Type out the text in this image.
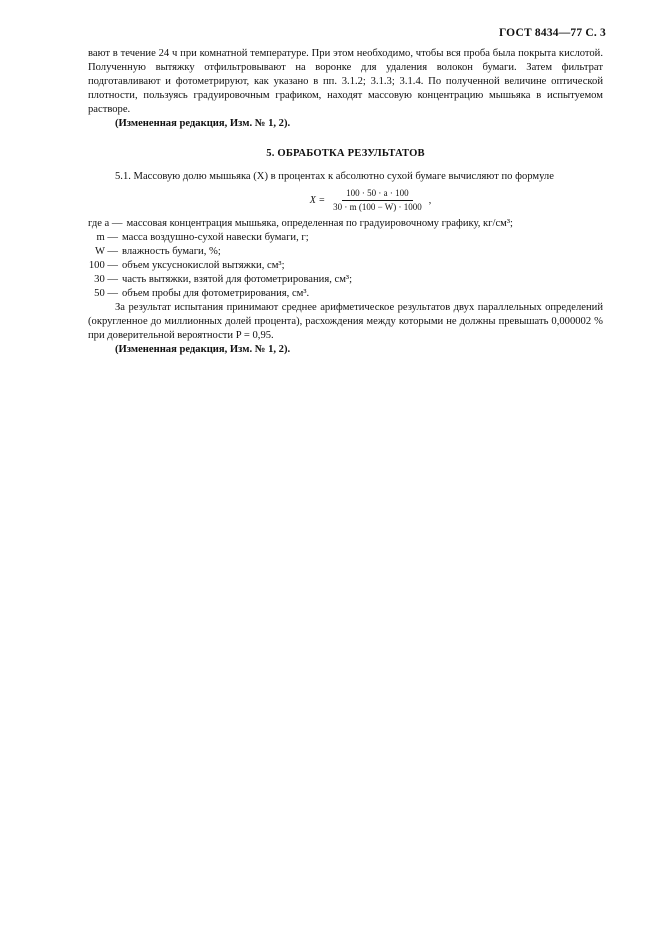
ГОСТ 8434—77 С. 3

вают в течение 24 ч при комнатной температуре. При этом необходимо, чтобы вся проба была покрыта кислотой. Полученную вытяжку отфильтровывают на воронке для удаления волокон бумаги. Затем фильтрат подготавливают и фотометрируют, как указано в пп. 3.1.2; 3.1.3; 3.1.4. По полученной величине оптической плотности, пользуясь градуировочным графиком, находят массовую концентрацию мышьяка в испытуемом растворе.

(Измененная редакция, Изм. № 1, 2).

5. ОБРАБОТКА РЕЗУЛЬТАТОВ

5.1. Массовую долю мышьяка (X) в процентах к абсолютно сухой бумаге вычисляют по формуле

$X = \frac{100 \cdot 50 \cdot a \cdot 100}{30 \cdot m (100 - W) \cdot 1000}$ ,
где a — массовая концентрация мышьяка, определенная по градуировочному графику, кг/см³;
m — масса воздушно-сухой навески бумаги, г;
W — влажность бумаги, %;
100 — объем уксуснокислой вытяжки, см³;
30 — часть вытяжки, взятой для фотометрирования, см³;
50 — объем пробы для фотометрирования, см³.

За результат испытания принимают среднее арифметическое результатов двух параллельных определений (округленное до миллионных долей процента), расхождения между которыми не должны превышать 0,000002 % при доверительной вероятности P = 0,95.

(Измененная редакция, Изм. № 1, 2).
